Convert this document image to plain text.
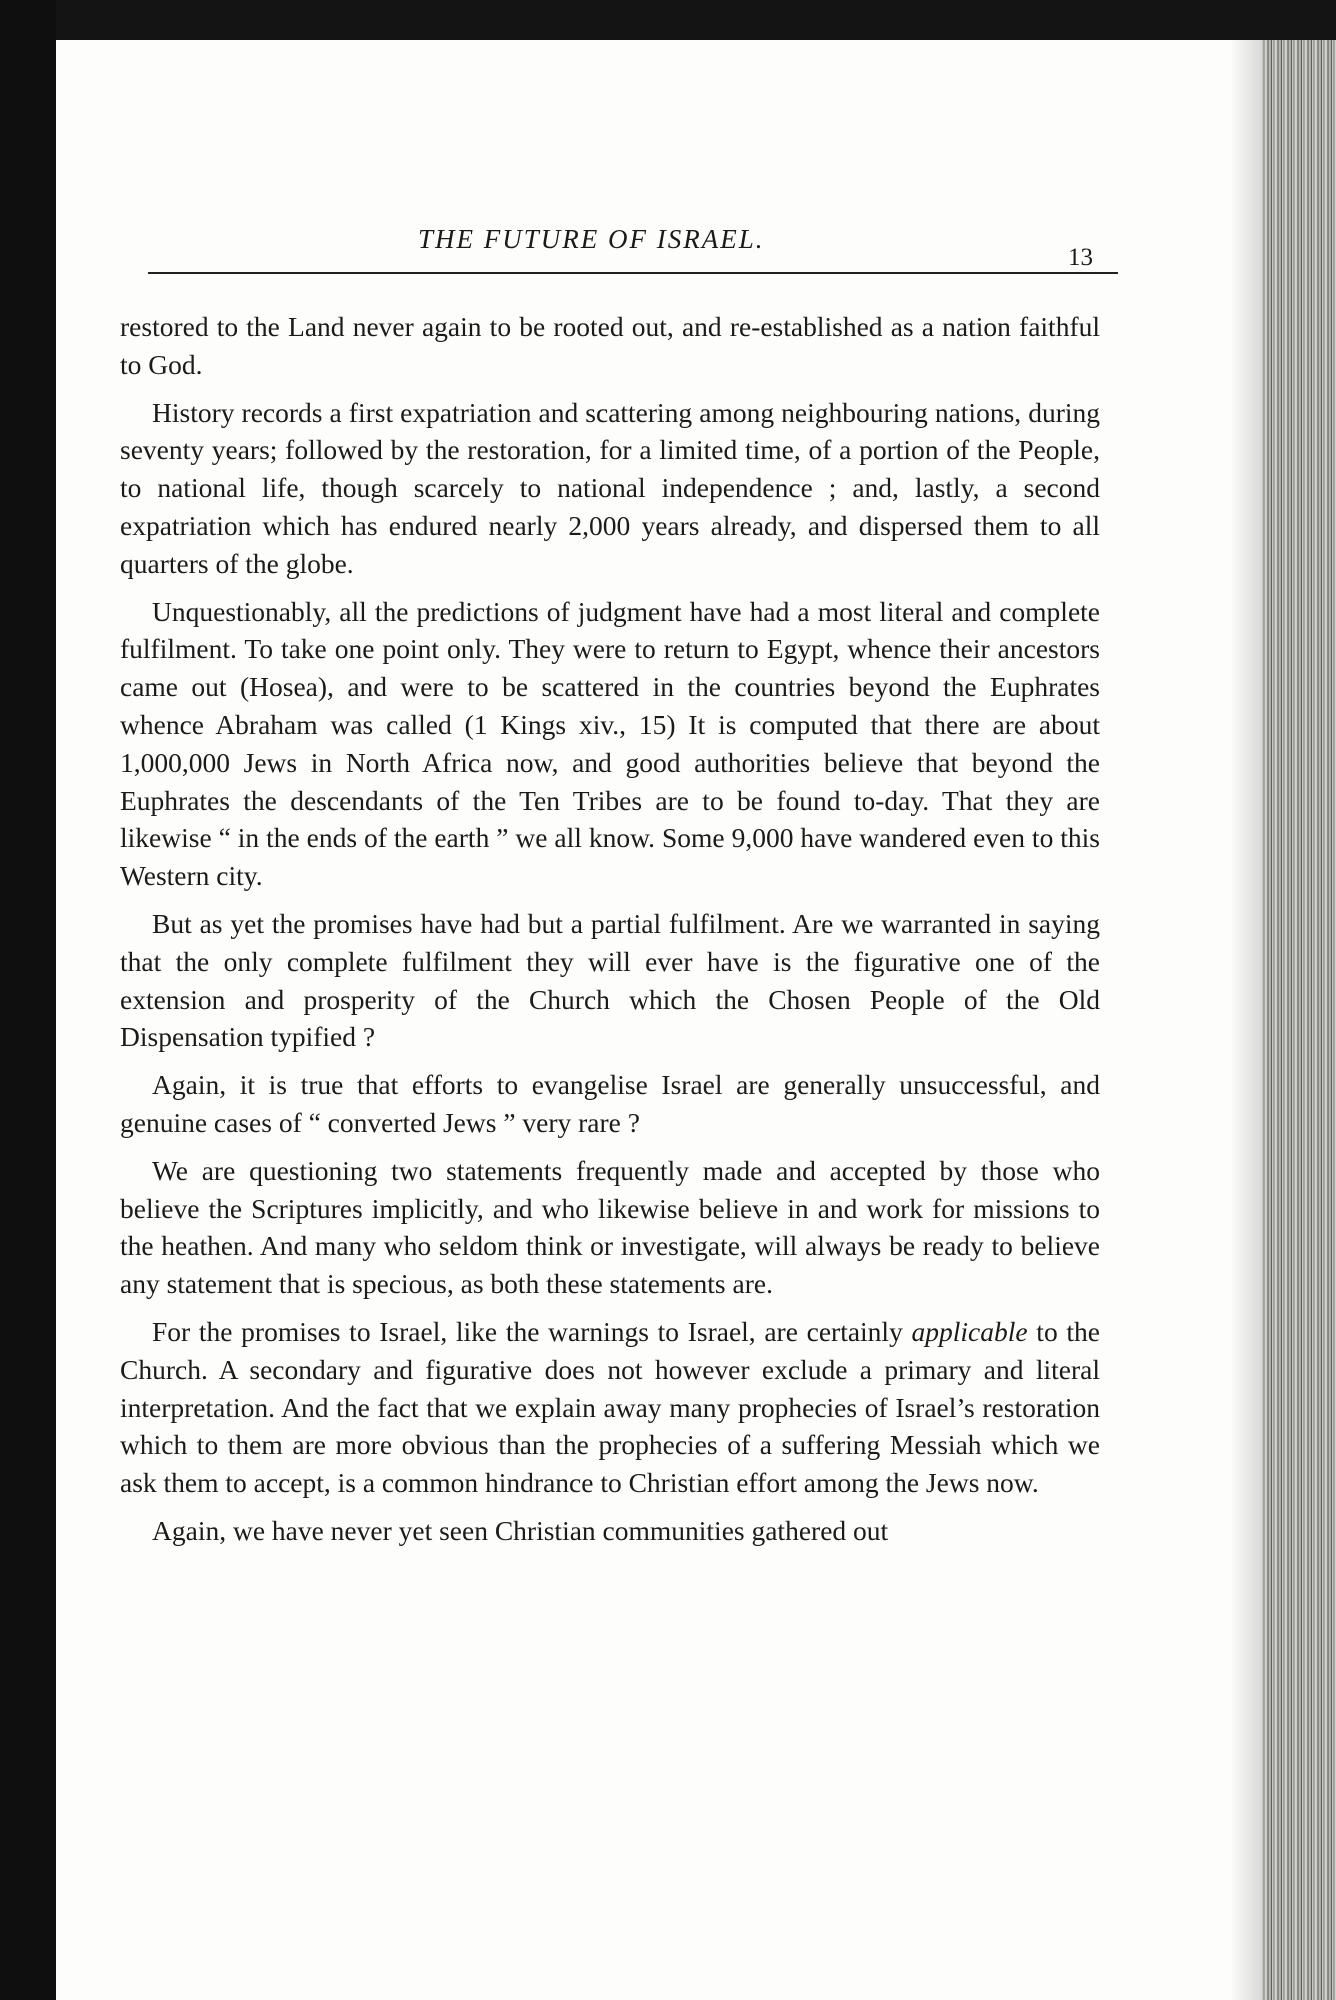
THE FUTURE OF ISRAEL.
13

restored to the Land never again to be rooted out, and re-established as a nation faithful to God.

History records a first expatriation and scattering among neighbouring nations, during seventy years; followed by the restoration, for a limited time, of a portion of the People, to national life, though scarcely to national independence ; and, lastly, a second expatriation which has endured nearly 2,000 years already, and dispersed them to all quarters of the globe.

Unquestionably, all the predictions of judgment have had a most literal and complete fulfilment. To take one point only. They were to return to Egypt, whence their ancestors came out (Hosea), and were to be scattered in the countries beyond the Euphrates whence Abraham was called (1 Kings xiv., 15) It is computed that there are about 1,000,000 Jews in North Africa now, and good authorities believe that beyond the Euphrates the descendants of the Ten Tribes are to be found to-day. That they are likewise “ in the ends of the earth ” we all know. Some 9,000 have wandered even to this Western city.

But as yet the promises have had but a partial fulfilment. Are we warranted in saying that the only complete fulfilment they will ever have is the figurative one of the extension and prosperity of the Church which the Chosen People of the Old Dispensation typified ?

Again, it is true that efforts to evangelise Israel are generally unsuccessful, and genuine cases of “ converted Jews ” very rare ?

We are questioning two statements frequently made and accepted by those who believe the Scriptures implicitly, and who likewise believe in and work for missions to the heathen. And many who seldom think or investigate, will always be ready to believe any statement that is specious, as both these statements are.

For the promises to Israel, like the warnings to Israel, are certainly applicable to the Church. A secondary and figurative does not however exclude a primary and literal interpretation. And the fact that we explain away many prophecies of Israel’s restoration which to them are more obvious than the prophecies of a suffering Messiah which we ask them to accept, is a common hindrance to Christian effort among the Jews now.

Again, we have never yet seen Christian communities gathered out
